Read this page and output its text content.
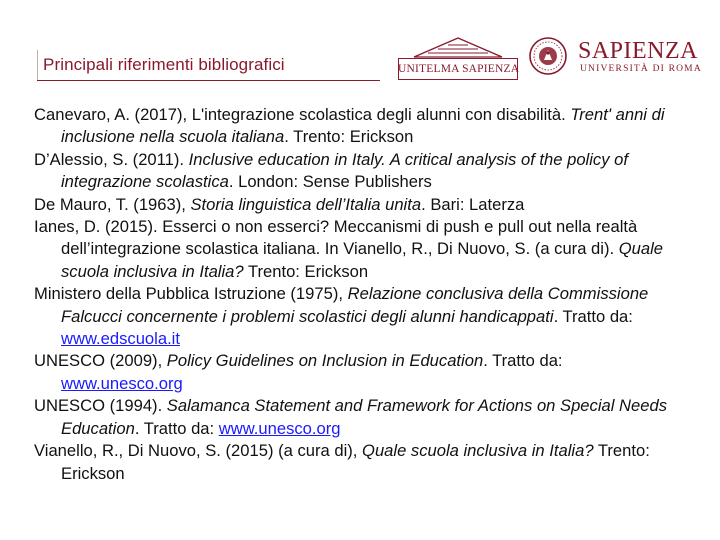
Principali riferimenti bibliografici	UNITELMA SAPIENZA
SAPIENZA
UNIVERSITÀ DI ROMA

Canevaro, A. (2017), L'integrazione scolastica degli alunni con disabilità. Trent' anni di inclusione nella scuola italiana. Trento: Erickson

D’Alessio, S. (2011). Inclusive education in Italy. A critical analysis of the policy of integrazione scolastica. London: Sense Publishers

De Mauro, T. (1963), Storia linguistica dell’Italia unita. Bari: Laterza

Ianes, D. (2015). Esserci o non esserci? Meccanismi di push e pull out nella realtà dell’integrazione scolastica italiana. In Vianello, R., Di Nuovo, S. (a cura di). Quale scuola inclusiva in Italia? Trento: Erickson

Ministero della Pubblica Istruzione (1975), Relazione conclusiva della Commissione Falcucci concernente i problemi scolastici degli alunni handicappati. Tratto da: www.edscuola.it

UNESCO (2009), Policy Guidelines on Inclusion in Education. Tratto da: www.unesco.org

UNESCO (1994). Salamanca Statement and Framework for Actions on Special Needs Education. Tratto da: www.unesco.org

Vianello, R., Di Nuovo, S. (2015) (a cura di), Quale scuola inclusiva in Italia? Trento: Erickson

16
